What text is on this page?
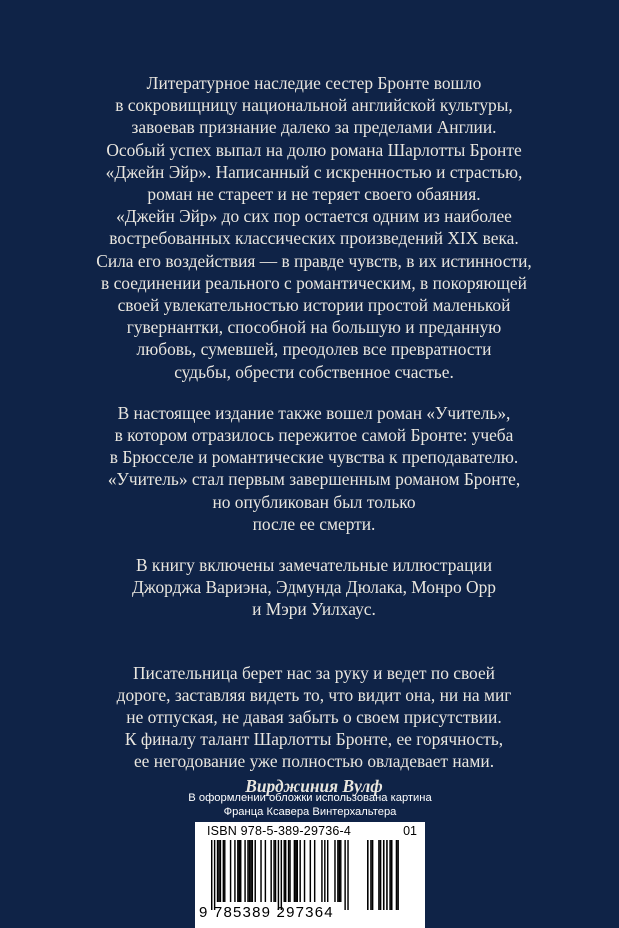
Литературное наследие сестер Бронте вошло
в сокровищницу национальной английской культуры,
завоевав признание далеко за пределами Англии.
Особый успех выпал на долю романа Шарлотты Бронте
«Джейн Эйр». Написанный с искренностью и страстью,
роман не стареет и не теряет своего обаяния.
«Джейн Эйр» до сих пор остается одним из наиболее
востребованных классических произведений XIX века.
Сила его воздействия — в правде чувств, в их истинности,
в соединении реального с романтическим, в покоряющей
своей увлекательностью истории простой маленькой
гувернантки, способной на большую и преданную
любовь, сумевшей, преодолев все превратности
судьбы, обрести собственное счастье.
В настоящее издание также вошел роман «Учитель»,
в котором отразилось пережитое самой Бронте: учеба
в Брюсселе и романтические чувства к преподавателю.
«Учитель» стал первым завершенным романом Бронте,
но опубликован был только
после ее смерти.
В книгу включены замечательные иллюстрации
Джорджа Вариэна, Эдмунда Дюлака, Монро Орр
и Мэри Уилхаус.
Писательница берет нас за руку и ведет по своей
дороге, заставляя видеть то, что видит она, ни на миг
не отпуская, не давая забыть о своем присутствии.
К финалу талант Шарлотты Бронте, ее горячность,
ее негодование уже полностью овладевает нами.
Вирджиния Вулф
В оформлении обложки использована картина
Франца Ксавера Винтерхальтера
ISBN 978-5-389-29736-4	01
9 785389 297364
